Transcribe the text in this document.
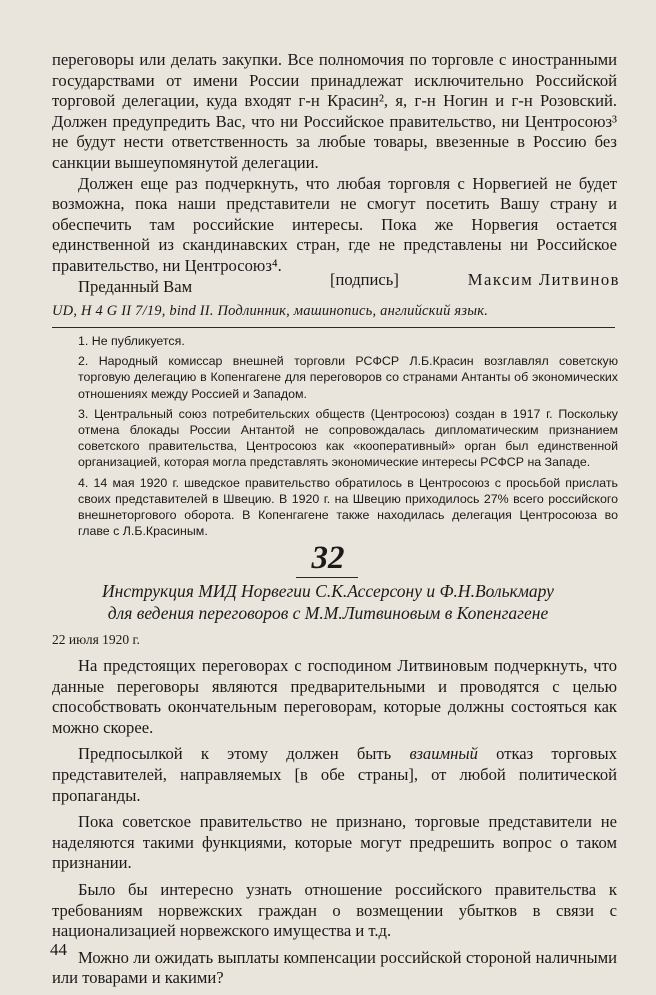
переговоры или делать закупки. Все полномочия по торговле с иностранными государствами от имени России принадлежат исключительно Российской торговой делегации, куда входят г-н Красин², я, г-н Ногин и г-н Розовский. Должен предупредить Вас, что ни Российское правительство, ни Центросоюз³ не будут нести ответственность за любые товары, ввезенные в Россию без санкции вышеупомянутой делегации.

Должен еще раз подчеркнуть, что любая торговля с Норвегией не будет возможна, пока наши представители не смогут посетить Вашу страну и обеспечить там российские интересы. Пока же Норвегия остается единственной из скандинавских стран, где не представлены ни Российское правительство, ни Центросоюз⁴.

Преданный Вам	[подпись]	Максим Литвинов
UD, H 4 G II 7/19, bind II. Подлинник, машинопись, английский язык.

1. Не публикуется.

2. Народный комиссар внешней торговли РСФСР Л.Б.Красин возглавлял советскую торговую делегацию в Копенгагене для переговоров со странами Антанты об экономических отношениях между Россией и Западом.

3. Центральный союз потребительских обществ (Центросоюз) создан в 1917 г. Поскольку отмена блокады России Антантой не сопровождалась дипломатическим признанием советского правительства, Центросоюз как «кооперативный» орган был единственной организацией, которая могла представлять экономические интересы РСФСР на Западе.

4. 14 мая 1920 г. шведское правительство обратилось в Центросоюз с просьбой прислать своих представителей в Швецию. В 1920 г. на Швецию приходилось 27% всего российского внешнеторгового оборота. В Копенгагене также находилась делегация Центросоюза во главе с Л.Б.Красиным.

32
Инструкция МИД Норвегии С.К.Ассерсону и Ф.Н.Волькмару
для ведения переговоров с М.М.Литвиновым в Копенгагене
22 июля 1920 г.

На предстоящих переговорах с господином Литвиновым подчеркнуть, что данные переговоры являются предварительными и проводятся с целью способствовать окончательным переговорам, которые должны состояться как можно скорее.

Предпосылкой к этому должен быть взаимный отказ торговых представителей, направляемых [в обе страны], от любой политической пропаганды.

Пока советское правительство не признано, торговые представители не наделяются такими функциями, которые могут предрешить вопрос о таком признании.

Было бы интересно узнать отношение российского правительства к требованиям норвежских граждан о возмещении убытков в связи с национализацией норвежского имущества и т.д.

Можно ли ожидать выплаты компенсации российской стороной наличными или товарами и какими?

44
